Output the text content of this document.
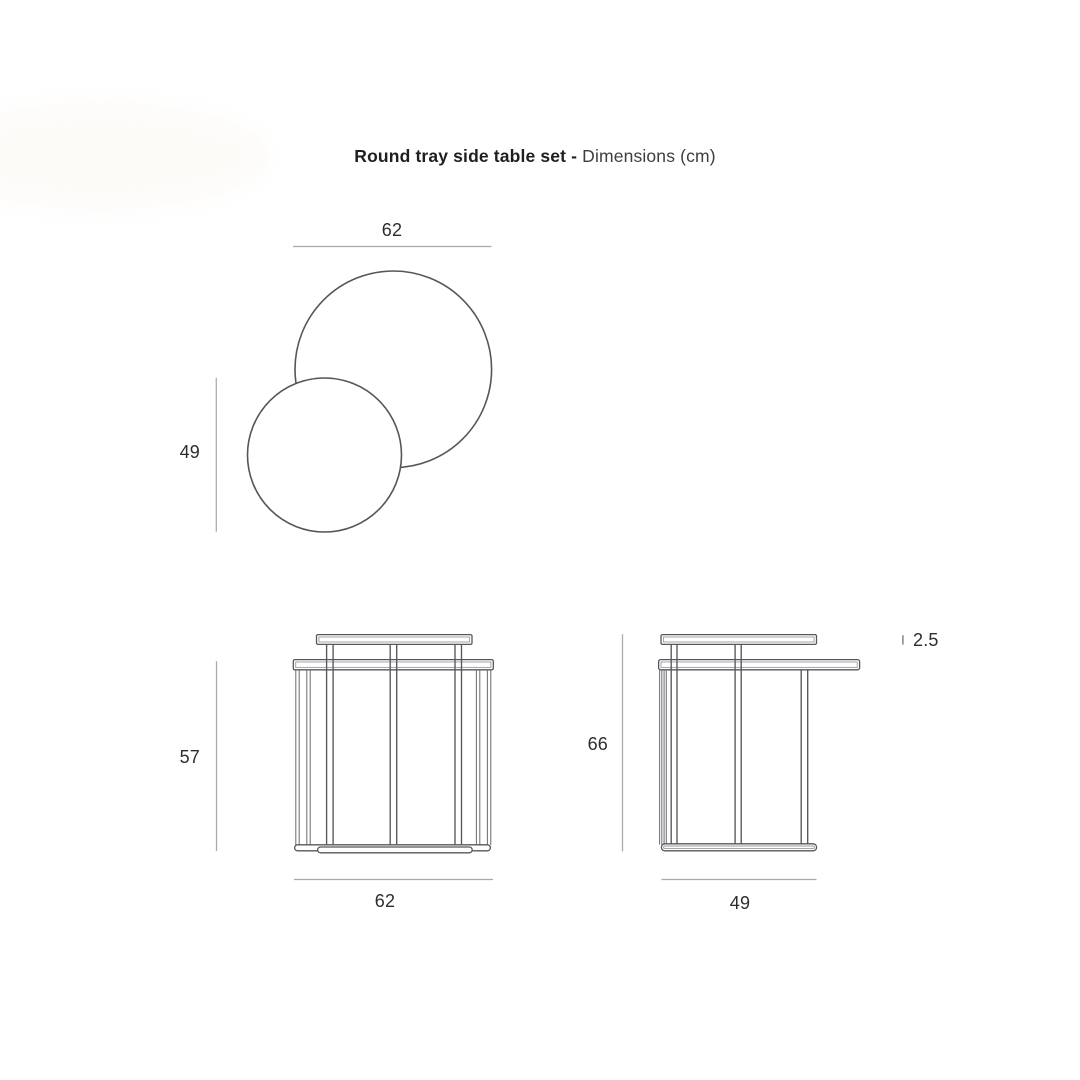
Round tray side table set - Dimensions (cm)
62
49
57
62
66
49
2.5
